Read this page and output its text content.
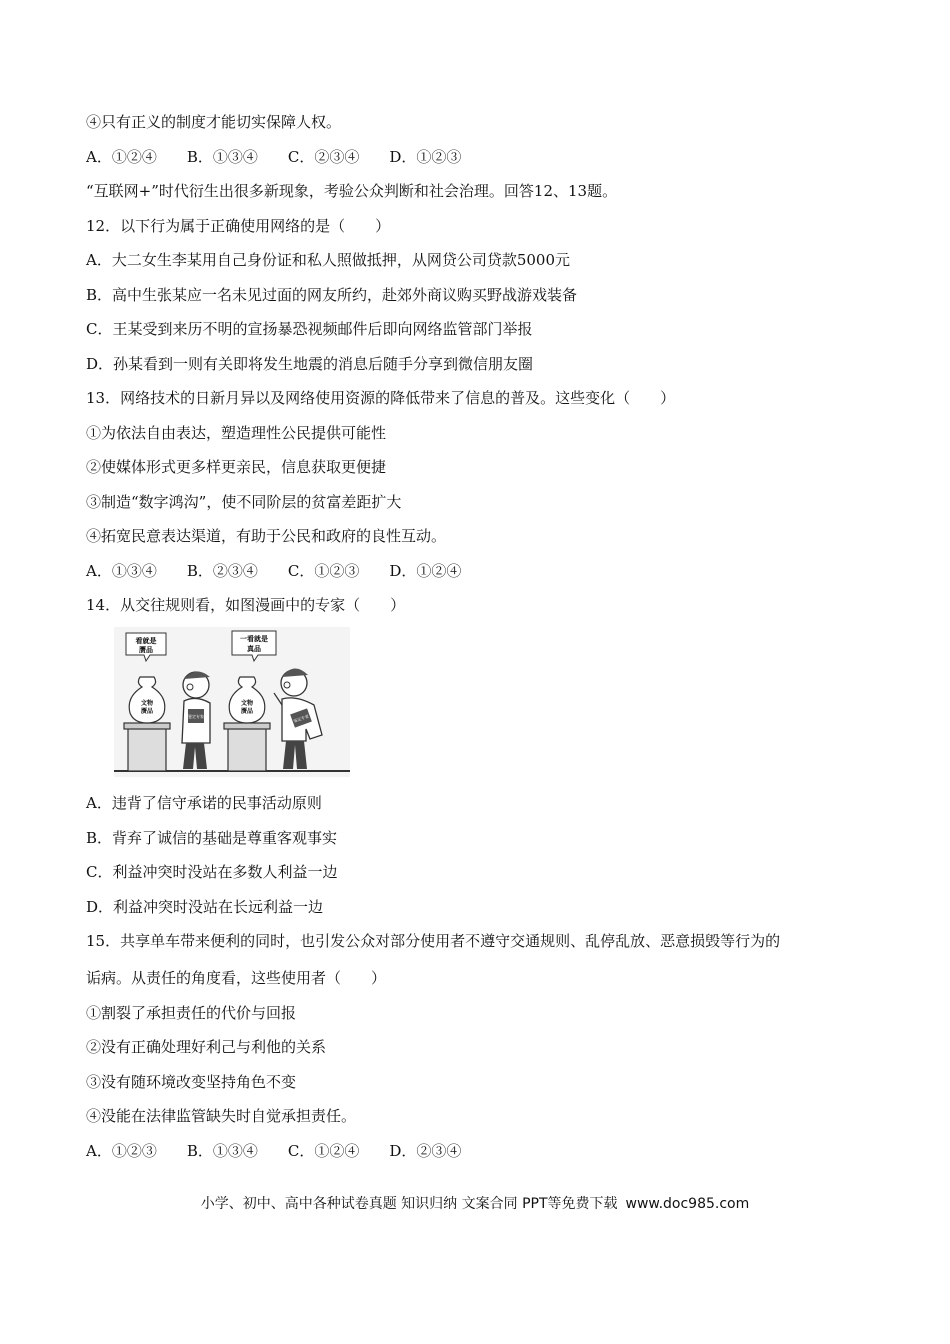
④只有正义的制度才能切实保障人权。

A．①②④　　B．①③④　　C．②③④　　D．①②③

“互联网+”时代衍生出很多新现象，考验公众判断和社会治理。回答12、13题。

12．以下行为属于正确使用网络的是（　　）

A．大二女生李某用自己身份证和私人照做抵押，从网贷公司贷款5000元

B．高中生张某应一名未见过面的网友所约，赴郊外商议购买野战游戏装备

C．王某受到来历不明的宣扬暴恐视频邮件后即向网络监管部门举报

D．孙某看到一则有关即将发生地震的消息后随手分享到微信朋友圈

13．网络技术的日新月异以及网络使用资源的降低带来了信息的普及。这些变化（　　）

①为依法自由表达，塑造理性公民提供可能性

②使媒体形式更多样更亲民，信息获取更便捷

③制造“数字鸿沟”，使不同阶层的贫富差距扩大

④拓宽民意表达渠道，有助于公民和政府的良性互动。

A．①③④　　B．②③④　　C．①②③　　D．①②④

14．从交往规则看，如图漫画中的专家（　　）

看就是
赝品
一看就是
真品
文物
赝品
鉴定专家
文物
赝品
鉴定专家

A．违背了信守承诺的民事活动原则

B．背弃了诚信的基础是尊重客观事实

C．利益冲突时没站在多数人利益一边

D．利益冲突时没站在长远利益一边

15．共享单车带来便利的同时，也引发公众对部分使用者不遵守交通规则、乱停乱放、恶意损毁等行为的

诟病。从责任的角度看，这些使用者（　　）

①割裂了承担责任的代价与回报

②没有正确处理好利己与利他的关系

③没有随环境改变坚持角色不变

④没能在法律监管缺失时自觉承担责任。

A．①②③　　B．①③④　　C．①②④　　D．②③④

小学、初中、高中各种试卷真题 知识归纳 文案合同 PPT等免费下载 www.doc985.com
